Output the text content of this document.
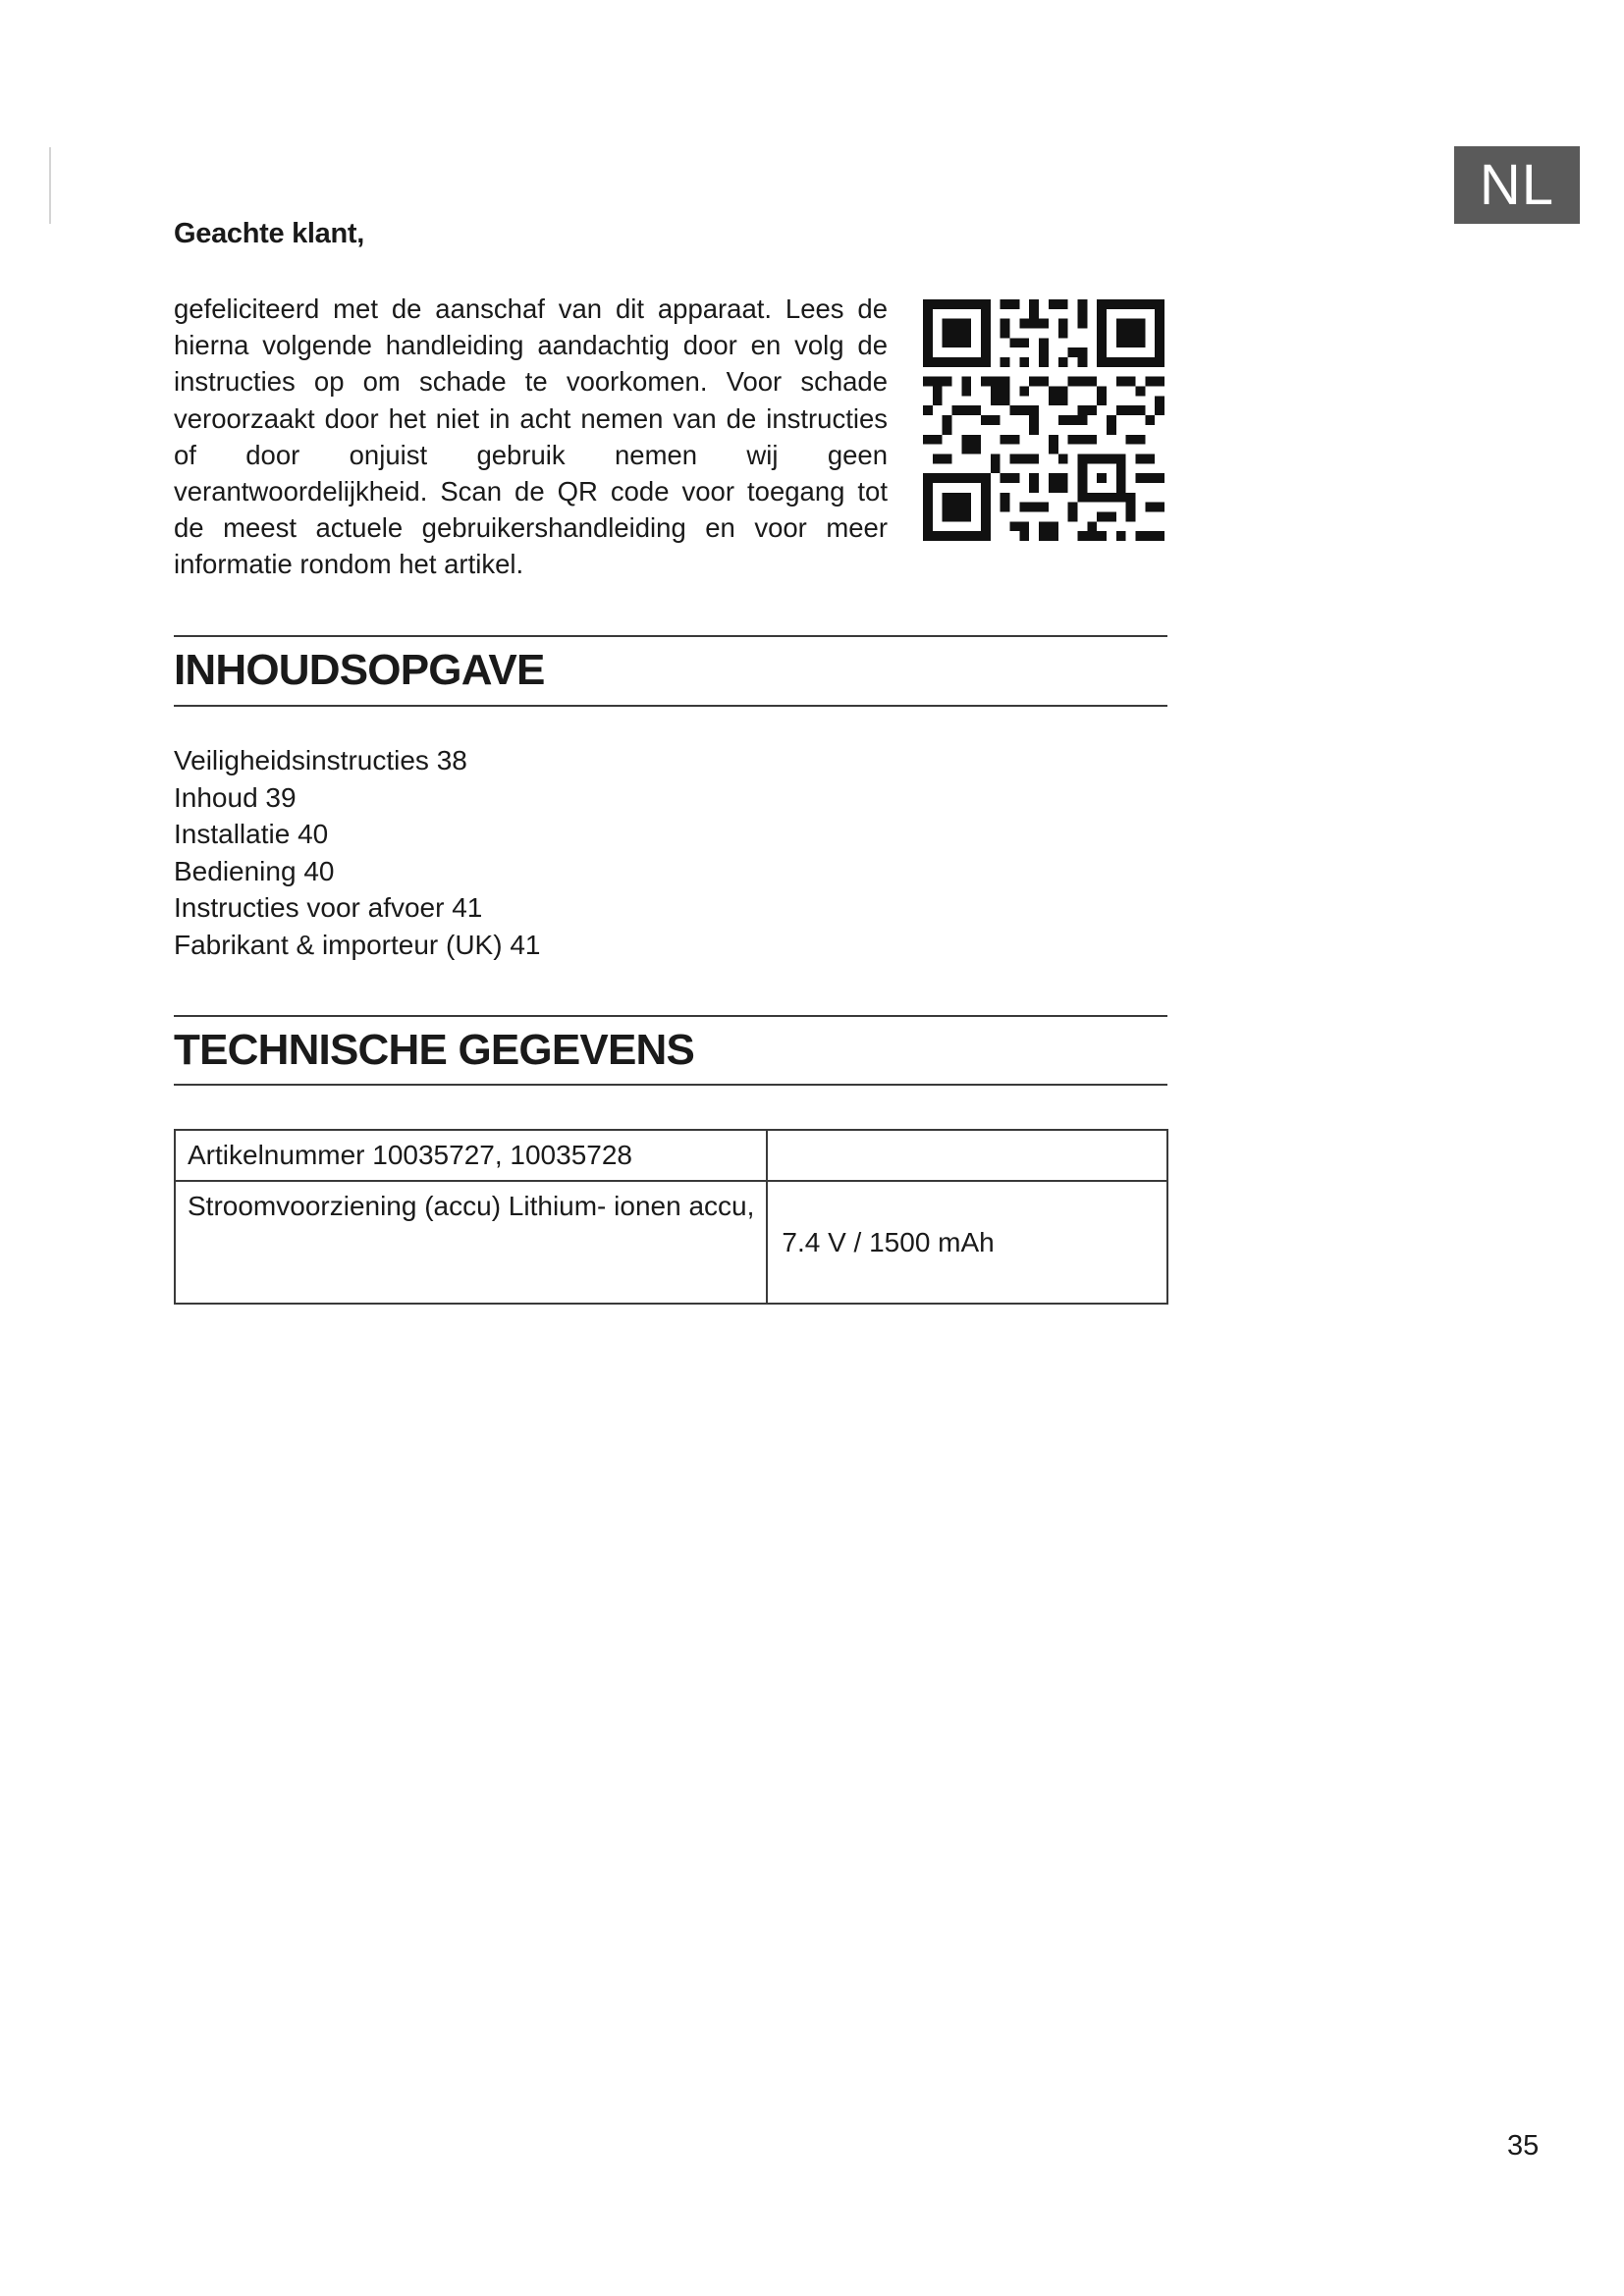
NL
Geachte klant,

gefeliciteerd met de aanschaf van dit apparaat. Lees de hierna volgende handleiding aandachtig door en volg de instructies op om schade te voorkomen. Voor schade veroorzaakt door het niet in acht nemen van de instructies of door onjuist gebruik nemen wij geen verantwoordelijkheid. Scan de QR code voor toegang tot de meest actuele gebruikershandleiding en voor meer informatie rondom het artikel.

INHOUDSOPGAVE
Veiligheidsinstructies 38
Inhoud 39
Installatie 40
Bediening 40
Instructies voor afvoer 41
Fabrikant & importeur (UK) 41
TECHNISCHE GEGEVENS
Artikelnummer 10035727, 10035728	
Stroomvoorziening (accu) Lithium- ionen accu,	7.4 V / 1500 mAh
35
